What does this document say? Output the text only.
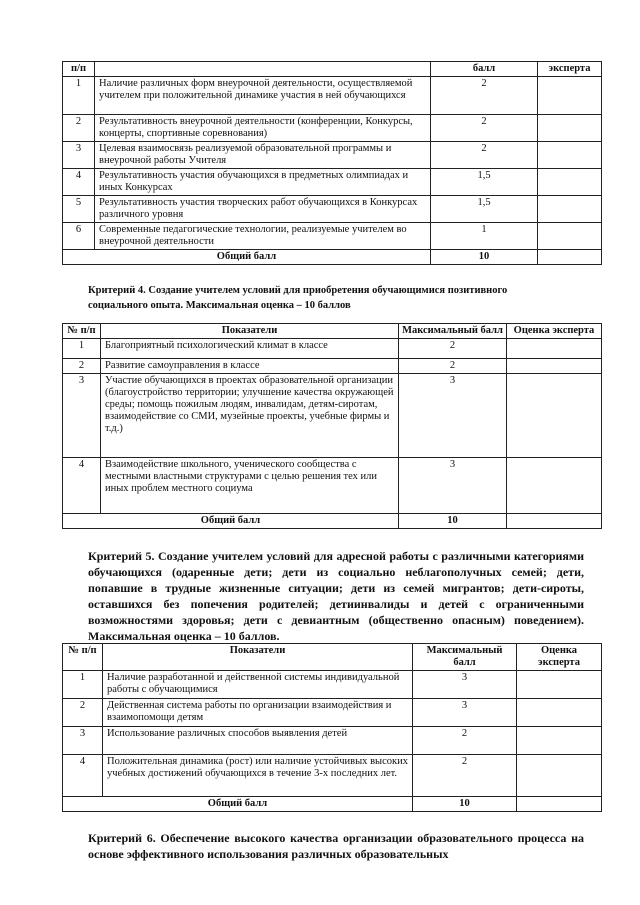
п/п		балл	эксперта
1	Наличие различных форм внеурочной деятельности, осуществляемой учителем при положительной динамике участия в ней обучающихся	2	
2	Результативность внеурочной деятельности (конференции, Конкурсы, концерты, спортивные соревнования)	2	
3	Целевая взаимосвязь реализуемой образовательной программы и внеурочной работы Учителя	2	
4	Результативность участия обучающихся в предметных олимпиадах и иных Конкурсах	1,5	
5	Результативность участия творческих работ обучающихся в Конкурсах различного уровня	1,5	
6	Современные педагогические технологии, реализуемые учителем во внеурочной деятельности	1	
Общий балл		10	
Критерий 4. Создание учителем условий для приобретения обучающимися позитивного социального опыта. Максимальная оценка – 10 баллов
№ п/п	Показатели	Максимальный балл	Оценка эксперта
1	Благоприятный психологический климат в классе	2	
2	Развитие самоуправления в классе	2	
3	Участие обучающихся в проектах образовательной организации (благоустройство территории; улучшение качества окружающей среды; помощь пожилым людям, инвалидам, детям-сиротам, взаимодействие со СМИ, музейные проекты, учебные фирмы и т.д.)	3	
4	Взаимодействие школьного, ученического сообщества с местными властными структурами с целью решения тех или иных проблем местного социума	3	
Общий балл		10	
Критерий 5. Создание учителем условий для адресной работы с различными категориями обучающихся (одаренные дети; дети из социально неблагополучных семей; дети, попавшие в трудные жизненные ситуации; дети из семей мигрантов; дети-сироты, оставшихся без попечения родителей; детиинвалиды и детей с ограниченными возможностями здоровья; дети с девиантным (общественно опасным) поведением). Максимальная оценка – 10 баллов.
№ п/п	Показатели	Максимальный балл	Оценка эксперта
1	Наличие разработанной и действенной системы индивидуальной работы с обучающимися	3	
2	Действенная система работы по организации взаимодействия и взаимопомощи детям	3	
3	Использование различных способов выявления детей	2	
4	Положительная динамика (рост) или наличие устойчивых высоких учебных достижений обучающихся в течение 3-х последних лет.	2	
Общий балл		10	
Критерий 6. Обеспечение высокого качества организации образовательного процесса на основе эффективного использования различных образовательных
